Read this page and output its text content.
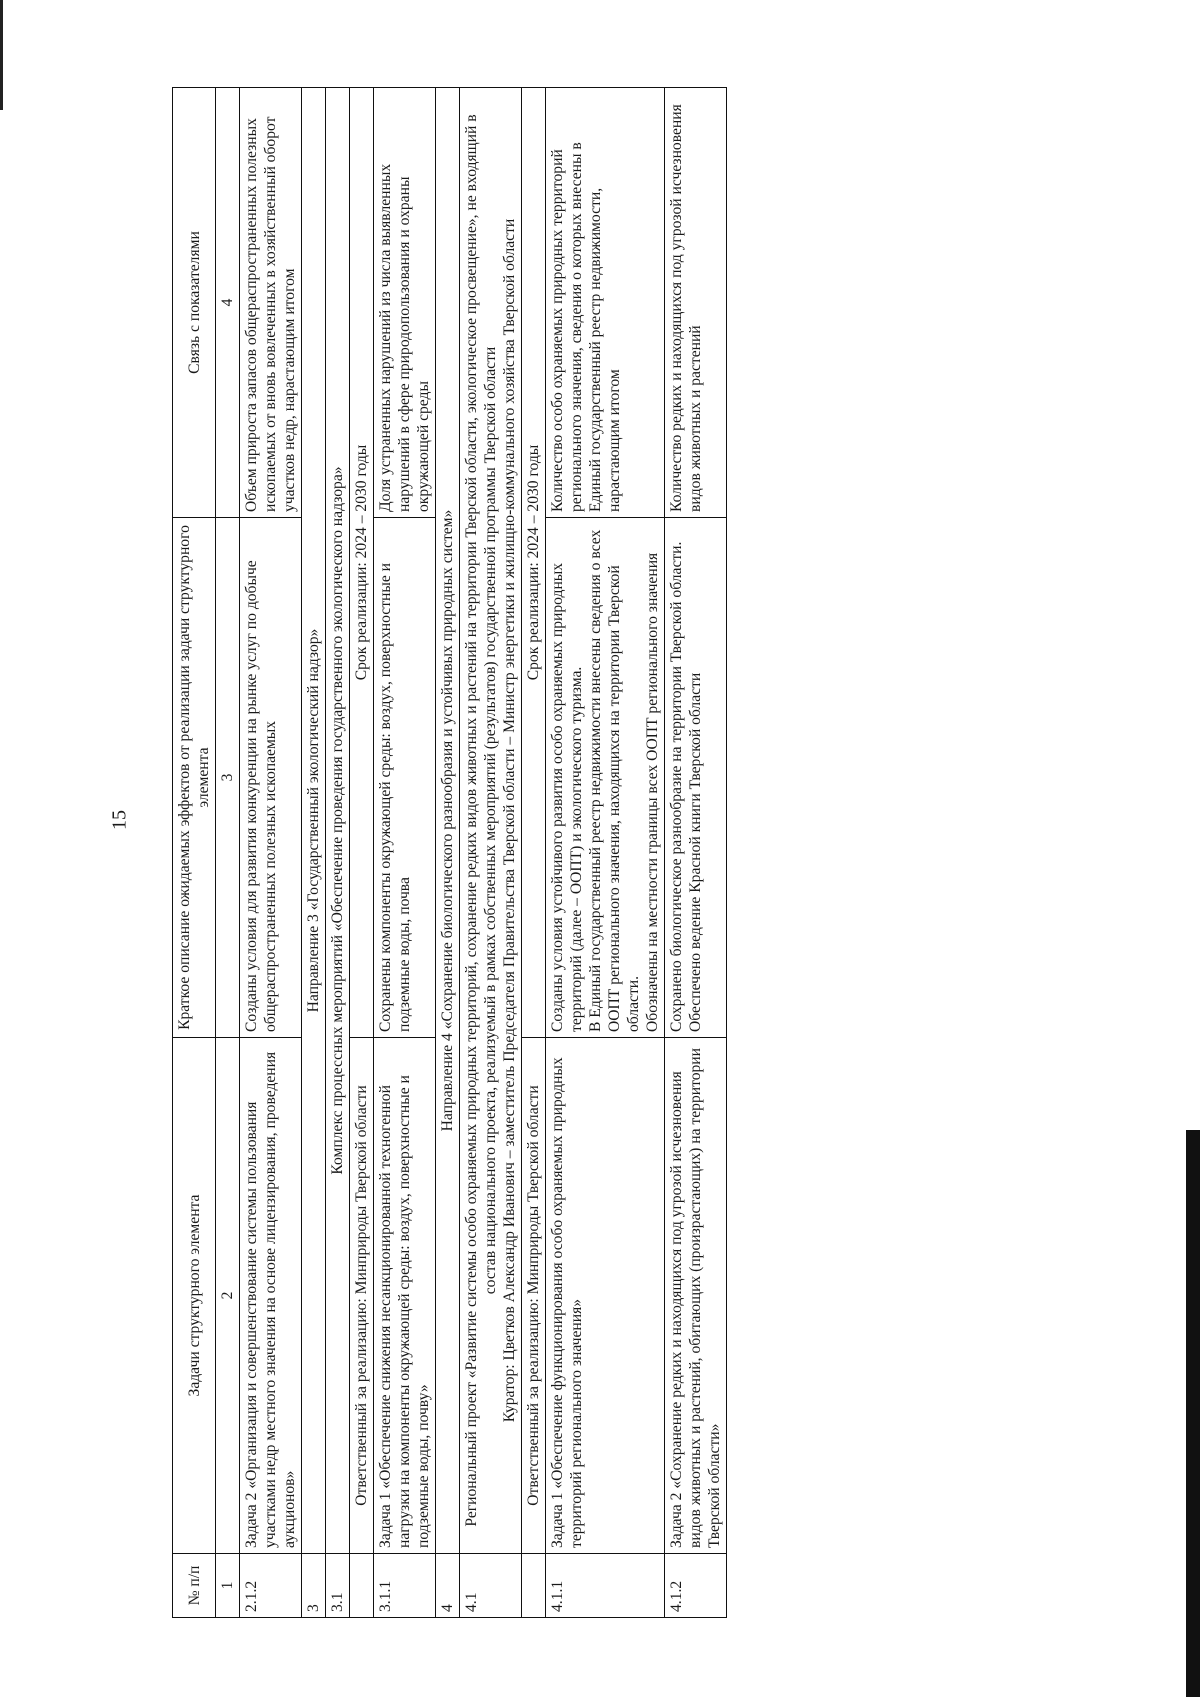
15
№ п/п	Задачи структурного элемента	Краткое описание ожидаемых эффектов от реализации задачи структурного элемента	Связь с показателями
1	2	3	4
2.1.2	Задача 2 «Организация и совершенствование системы пользования участками недр местного значения на основе лицензирования, проведения аукционов»	Созданы условия для развития конкуренции на рынке услуг по добыче общераспространенных полезных ископаемых	Объем прироста запасов общераспространенных полезных ископаемых от вновь вовлеченных в хозяйственный оборот участков недр, нарастающим итогом
3	Направление 3 «Государственный экологический надзор»		
3.1	Комплекс процессных мероприятий «Обеспечение проведения государственного экологического надзора»		
	Ответственный за реализацию: Минприроды Тверской области	Срок реализации: 2024 – 2030 годы	
3.1.1	Задача 1 «Обеспечение снижения несанкционированной техногенной нагрузки на компоненты окружающей среды: воздух, поверхностные и подземные воды, почву»	Сохранены компоненты окружающей среды: воздух, поверхностные и подземные воды, почва	Доля устраненных нарушений из числа выявленных нарушений в сфере природопользования и охраны окружающей среды
4	Направление 4 «Сохранение биологического разнообразия и устойчивых природных систем»		
4.1	Региональный проект «Развитие системы особо охраняемых природных территорий, сохранение редких видов животных и растений на территории Тверской области, экологическое просвещение», не входящий в состав национального проекта, реализуемый в рамках собственных мероприятий (результатов) государственной программы Тверской области Куратор: Цветков Александр Иванович – заместитель Председателя Правительства Тверской области – Министр энергетики и жилищно-коммунального хозяйства Тверской области		

	Ответственный за реализацию: Минприроды Тверской области	Срок реализации: 2024 – 2030 годы	
4.1.1	Задача 1 «Обеспечение функционирования особо охраняемых природных территорий регионального значения»	Созданы условия устойчивого развития особо охраняемых природных территорий (далее – ООПТ) и экологического туризма. В Единый государственный реестр недвижимости внесены сведения о всех ООПТ регионального значения, находящихся на территории Тверской области. Обозначены на местности границы всех ООПТ регионального значения	Количество особо охраняемых природных территорий регионального значения, сведения о которых внесены в Единый государственный реестр недвижимости, нарастающим итогом
4.1.2	Задача 2 «Сохранение редких и находящихся под угрозой исчезновения видов животных и растений, обитающих (произрастающих) на территории Тверской области»	Сохранено биологическое разнообразие на территории Тверской области. Обеспечено ведение Красной книги Тверской области	Количество редких и находящихся под угрозой исчезновения видов животных и растений
